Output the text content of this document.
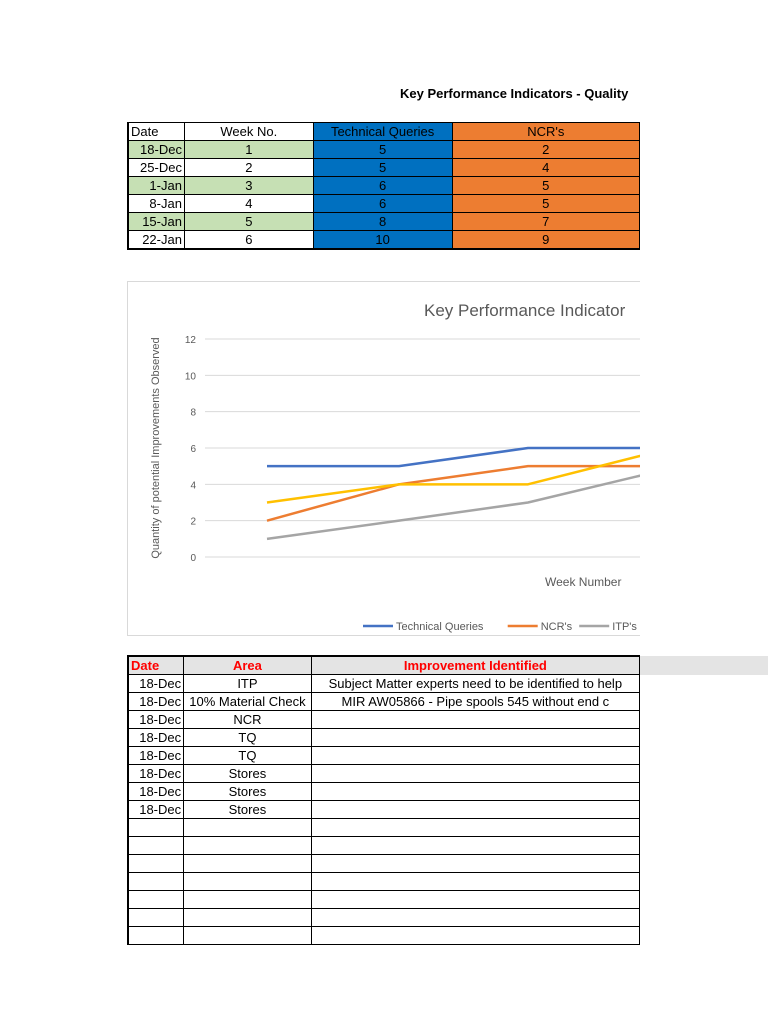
Key Performance Indicators - Quality
Date	Week No.	Technical Queries	NCR's
18-Dec	1	5	2
25-Dec	2	5	4
1-Jan	3	6	5
8-Jan	4	6	5
15-Jan	5	8	7
22-Jan	6	10	9
Key Performance Indicator
0
2
4
6
8
10
12
Quantity of potential Improvements Observed
Week Number
Technical Queries	NCR's	ITP's
Date	Area	Improvement Identified
18-Dec	ITP	Subject Matter experts need to be identified to help
18-Dec	10% Material Check	MIR AW05866 - Pipe spools 545 without end c
18-Dec	NCR	
18-Dec	TQ	
18-Dec	TQ	
18-Dec	Stores	
18-Dec	Stores	
18-Dec	Stores	
